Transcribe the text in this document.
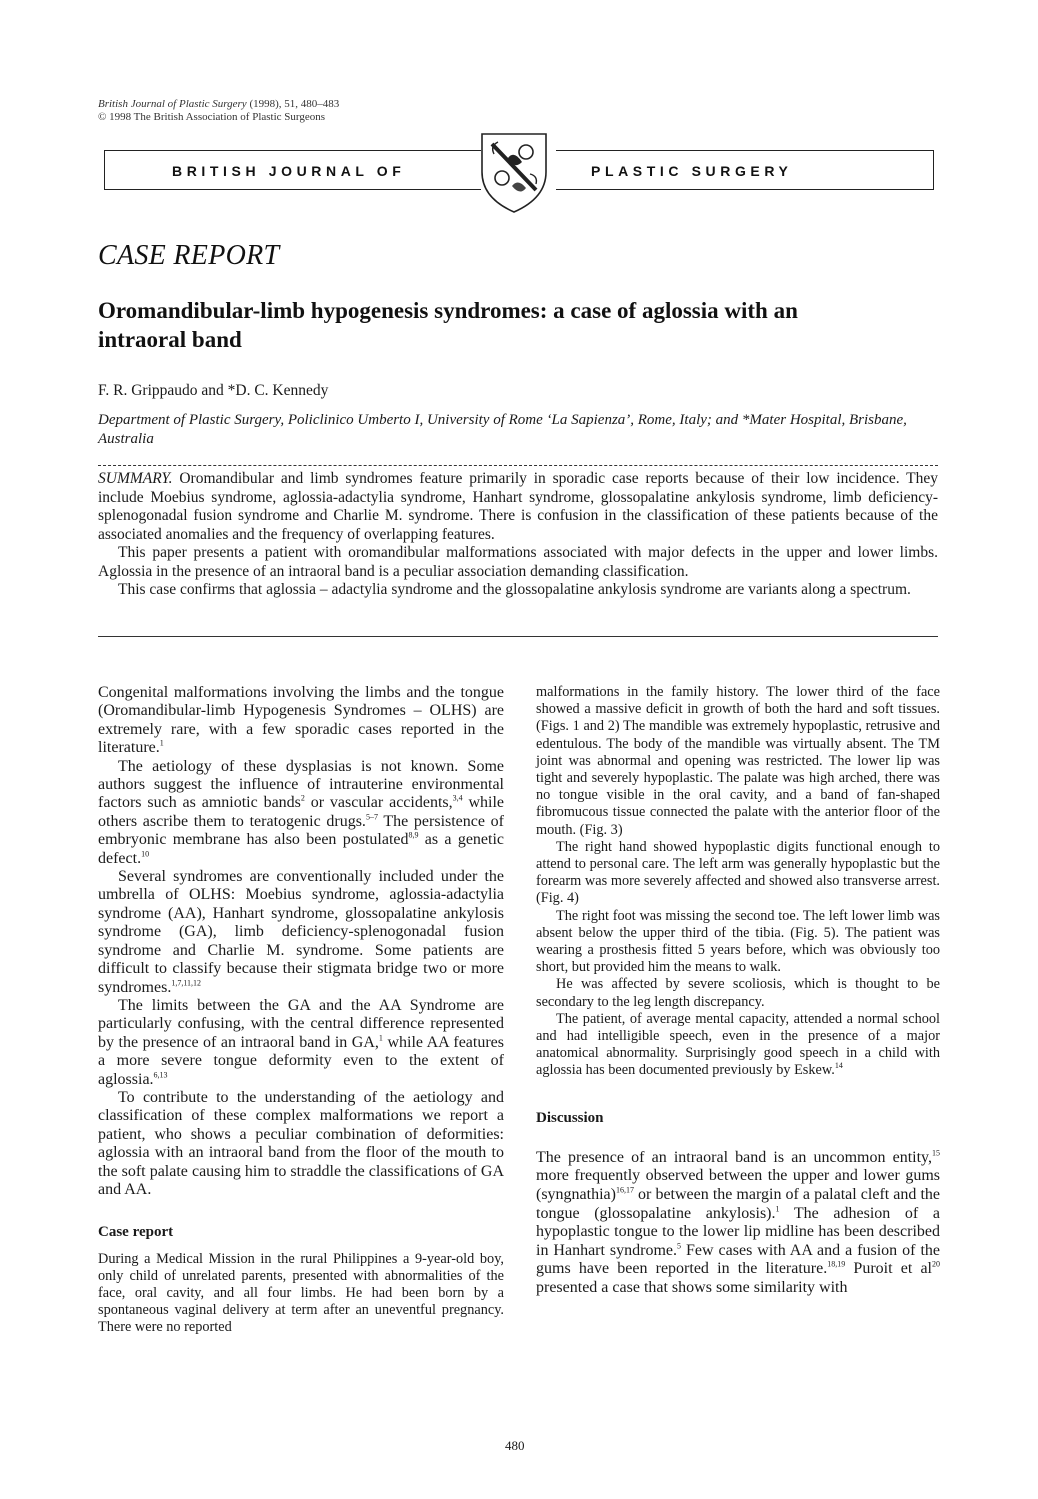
British Journal of Plastic Surgery (1998), 51, 480–483
© 1998 The British Association of Plastic Surgeons
BRITISH JOURNAL OF	PLASTIC SURGERY
CASE REPORT
Oromandibular-limb hypogenesis syndromes: a case of aglossia with an intraoral band
F. R. Grippaudo and *D. C. Kennedy
Department of Plastic Surgery, Policlinico Umberto I, University of Rome ‘La Sapienza’, Rome, Italy; and *Mater Hospital, Brisbane, Australia

SUMMARY. Oromandibular and limb syndromes feature primarily in sporadic case reports because of their low incidence. They include Moebius syndrome, aglossia-adactylia syndrome, Hanhart syndrome, glossopalatine ankylosis syndrome, limb deficiency-splenogonadal fusion syndrome and Charlie M. syndrome. There is confusion in the classification of these patients because of the associated anomalies and the frequency of overlapping features.

This paper presents a patient with oromandibular malformations associated with major defects in the upper and lower limbs. Aglossia in the presence of an intraoral band is a peculiar association demanding classification.

This case confirms that aglossia – adactylia syndrome and the glossopalatine ankylosis syndrome are variants along a spectrum.

Congenital malformations involving the limbs and the tongue (Oromandibular-limb Hypogenesis Syndromes – OLHS) are extremely rare, with a few sporadic cases reported in the literature.$^1$

The aetiology of these dysplasias is not known. Some authors suggest the influence of intrauterine environmental factors such as amniotic bands$^2$ or vascular accidents,$^{3,4}$ while others ascribe them to teratogenic drugs.$^{5-7}$ The persistence of embryonic membrane has also been postulated$^{8,9}$ as a genetic defect.$^{10}$

Several syndromes are conventionally included under the umbrella of OLHS: Moebius syndrome, aglossia-adactylia syndrome (AA), Hanhart syndrome, glossopalatine ankylosis syndrome (GA), limb deficiency-splenogonadal fusion syndrome and Charlie M. syndrome. Some patients are difficult to classify because their stigmata bridge two or more syndromes.$^{1,7,11,12}$

The limits between the GA and the AA Syndrome are particularly confusing, with the central difference represented by the presence of an intraoral band in GA,$^1$ while AA features a more severe tongue deformity even to the extent of aglossia.$^{6,13}$

To contribute to the understanding of the aetiology and classification of these complex malformations we report a patient, who shows a peculiar combination of deformities: aglossia with an intraoral band from the floor of the mouth to the soft palate causing him to straddle the classifications of GA and AA.

Case report

During a Medical Mission in the rural Philippines a 9-year-old boy, only child of unrelated parents, presented with abnormalities of the face, oral cavity, and all four limbs. He had been born by a spontaneous vaginal delivery at term after an uneventful pregnancy. There were no reported

malformations in the family history. The lower third of the face showed a massive deficit in growth of both the hard and soft tissues. (Figs. 1 and 2) The mandible was extremely hypoplastic, retrusive and edentulous. The body of the mandible was virtually absent. The TM joint was abnormal and opening was restricted. The lower lip was tight and severely hypoplastic. The palate was high arched, there was no tongue visible in the oral cavity, and a band of fan-shaped fibromucous tissue connected the palate with the anterior floor of the mouth. (Fig. 3)

The right hand showed hypoplastic digits functional enough to attend to personal care. The left arm was generally hypoplastic but the forearm was more severely affected and showed also transverse arrest. (Fig. 4)

The right foot was missing the second toe. The left lower limb was absent below the upper third of the tibia. (Fig. 5). The patient was wearing a prosthesis fitted 5 years before, which was obviously too short, but provided him the means to walk.

He was affected by severe scoliosis, which is thought to be secondary to the leg length discrepancy.

The patient, of average mental capacity, attended a normal school and had intelligible speech, even in the presence of a major anatomical abnormality. Surprisingly good speech in a child with aglossia has been documented previously by Eskew.$^{14}$

Discussion

The presence of an intraoral band is an uncommon entity,$^{15}$ more frequently observed between the upper and lower gums (syngnathia)$^{16,17}$ or between the margin of a palatal cleft and the tongue (glossopalatine ankylosis).$^1$ The adhesion of a hypoplastic tongue to the lower lip midline has been described in Hanhart syndrome.$^5$ Few cases with AA and a fusion of the gums have been reported in the literature.$^{18,19}$ Puroit et $al^{20}$ presented a case that shows some similarity with

480
